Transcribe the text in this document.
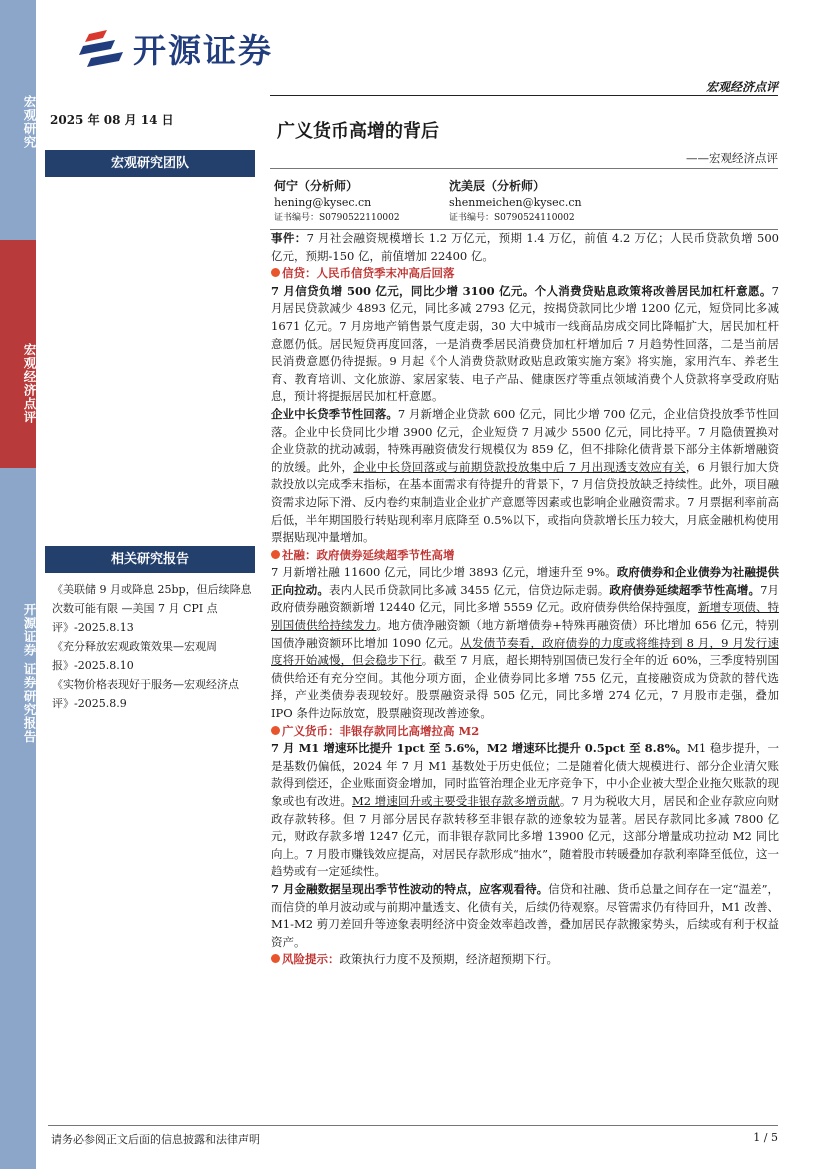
宏观研究
宏观经济点评
开源证券 证券研究报告
开源证券
宏观经济点评
2025 年 08 月 14 日
广义货币高增的背后
——宏观经济点评
宏观研究团队
何宁（分析师）
hening@kysec.cn
证书编号：S0790522110002
沈美辰（分析师）
shenmeichen@kysec.cn
证书编号：S0790524110002
相关研究报告
《美联储 9 月或降息 25bp，但后续降息次数可能有限 —美国 7 月 CPI 点评》-2025.8.13
《充分释放宏观政策效果—宏观周报》-2025.8.10
《实物价格表现好于服务—宏观经济点评》-2025.8.9

事件：7 月社会融资规模增长 1.2 万亿元，预期 1.4 万亿，前值 4.2 万亿；人民币贷款负增 500 亿元，预期-150 亿，前值增加 22400 亿。

信贷：人民币信贷季末冲高后回落

7 月信贷负增 500 亿元，同比少增 3100 亿元。个人消费贷贴息政策将改善居民加杠杆意愿。7 月居民贷款减少 4893 亿元，同比多减 2793 亿元，按揭贷款同比少增 1200 亿元，短贷同比多减 1671 亿元。7 月房地产销售景气度走弱，30 大中城市一线商品房成交同比降幅扩大，居民加杠杆意愿仍低。居民短贷再度回落，一是消费季居民消费贷加杠杆增加后 7 月趋势性回落，二是当前居民消费意愿仍待提振。9 月起《个人消费贷款财政贴息政策实施方案》将实施，家用汽车、养老生育、教育培训、文化旅游、家居家装、电子产品、健康医疗等重点领域消费个人贷款将享受政府贴息，预计将提振居民加杠杆意愿。

企业中长贷季节性回落。7 月新增企业贷款 600 亿元，同比少增 700 亿元，企业信贷投放季节性回落。企业中长贷同比少增 3900 亿元，企业短贷 7 月减少 5500 亿元，同比持平。7 月隐债置换对企业贷款的扰动减弱，特殊再融资债发行规模仅为 859 亿，但不排除化债背景下部分主体新增融资的放缓。此外，企业中长贷回落或与前期贷款投放集中后 7 月出现透支效应有关，6 月银行加大贷款投放以完成季末指标，在基本面需求有待提升的背景下，7 月信贷投放缺乏持续性。此外，项目融资需求边际下滑、反内卷约束制造业企业扩产意愿等因素或也影响企业融资需求。7 月票据利率前高后低，半年期国股行转贴现利率月底降至 0.5%以下，或指向贷款增长压力较大，月底金融机构使用票据贴现冲量增加。

社融：政府债券延续超季节性高增

7 月新增社融 11600 亿元，同比少增 3893 亿元，增速升至 9%。政府债券和企业债券为社融提供正向拉动。表内人民币贷款同比多减 3455 亿元，信贷边际走弱。政府债券延续超季节性高增。7月政府债券融资额新增 12440 亿元，同比多增 5559 亿元。政府债券供给保持强度，新增专项债、特别国债供给持续发力。地方债净融资额（地方新增债券+特殊再融资债）环比增加 656 亿元，特别国债净融资额环比增加 1090 亿元。从发债节奏看，政府债券的力度或将维持到 8 月，9 月发行速度将开始减慢，但会稳步下行。截至 7 月底，超长期特别国债已发行全年的近 60%，三季度特别国债供给还有充分空间。其他分项方面，企业债券同比多增 755 亿元，直接融资成为贷款的替代选择，产业类债券表现较好。股票融资录得 505 亿元，同比多增 274 亿元，7 月股市走强，叠加 IPO 条件边际放宽，股票融资现改善迹象。

广义货币：非银存款同比高增拉高 M2

7 月 M1 增速环比提升 1pct 至 5.6%，M2 增速环比提升 0.5pct 至 8.8%。M1 稳步提升，一是基数仍偏低，2024 年 7 月 M1 基数处于历史低位；二是随着化债大规模进行、部分企业清欠账款得到偿还，企业账面资金增加，同时监管治理企业无序竞争下，中小企业被大型企业拖欠账款的现象或也有改进。M2 增速回升或主要受非银存款多增贡献。7 月为税收大月，居民和企业存款应向财政存款转移。但 7 月部分居民存款转移至非银存款的迹象较为显著。居民存款同比多减 7800 亿元，财政存款多增 1247 亿元，而非银存款同比多增 13900 亿元，这部分增量成功拉动 M2 同比向上。7 月股市赚钱效应提高，对居民存款形成“抽水”，随着股市转暖叠加存款利率降至低位，这一趋势或有一定延续性。

7 月金融数据呈现出季节性波动的特点，应客观看待。信贷和社融、货币总量之间存在一定“温差”，而信贷的单月波动或与前期冲量透支、化债有关，后续仍待观察。尽管需求仍有待回升，M1 改善、M1-M2 剪刀差回升等迹象表明经济中资金效率趋改善，叠加居民存款搬家势头，后续或有利于权益资产。

风险提示：政策执行力度不及预期，经济超预期下行。

请务必参阅正文后面的信息披露和法律声明	1 / 5
